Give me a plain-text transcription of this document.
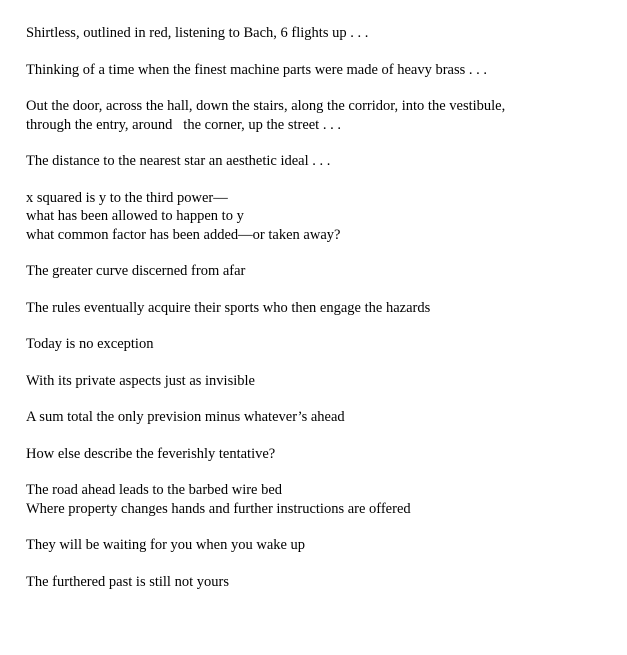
Shirtless, outlined in red, listening to Bach, 6 flights up . . .
Thinking of a time when the finest machine parts were made of heavy brass . . .
Out the door, across the hall, down the stairs, along the corridor, into the vestibule,
through the entry, around   the corner, up the street . . .
The distance to the nearest star an aesthetic ideal . . .
x squared is y to the third power—
what has been allowed to happen to y
what common factor has been added—or taken away?
The greater curve discerned from afar
The rules eventually acquire their sports who then engage the hazards
Today is no exception
With its private aspects just as invisible
A sum total the only prevision minus whatever’s ahead
How else describe the feverishly tentative?
The road ahead leads to the barbed wire bed
Where property changes hands and further instructions are offered
They will be waiting for you when you wake up
The furthered past is still not yours
